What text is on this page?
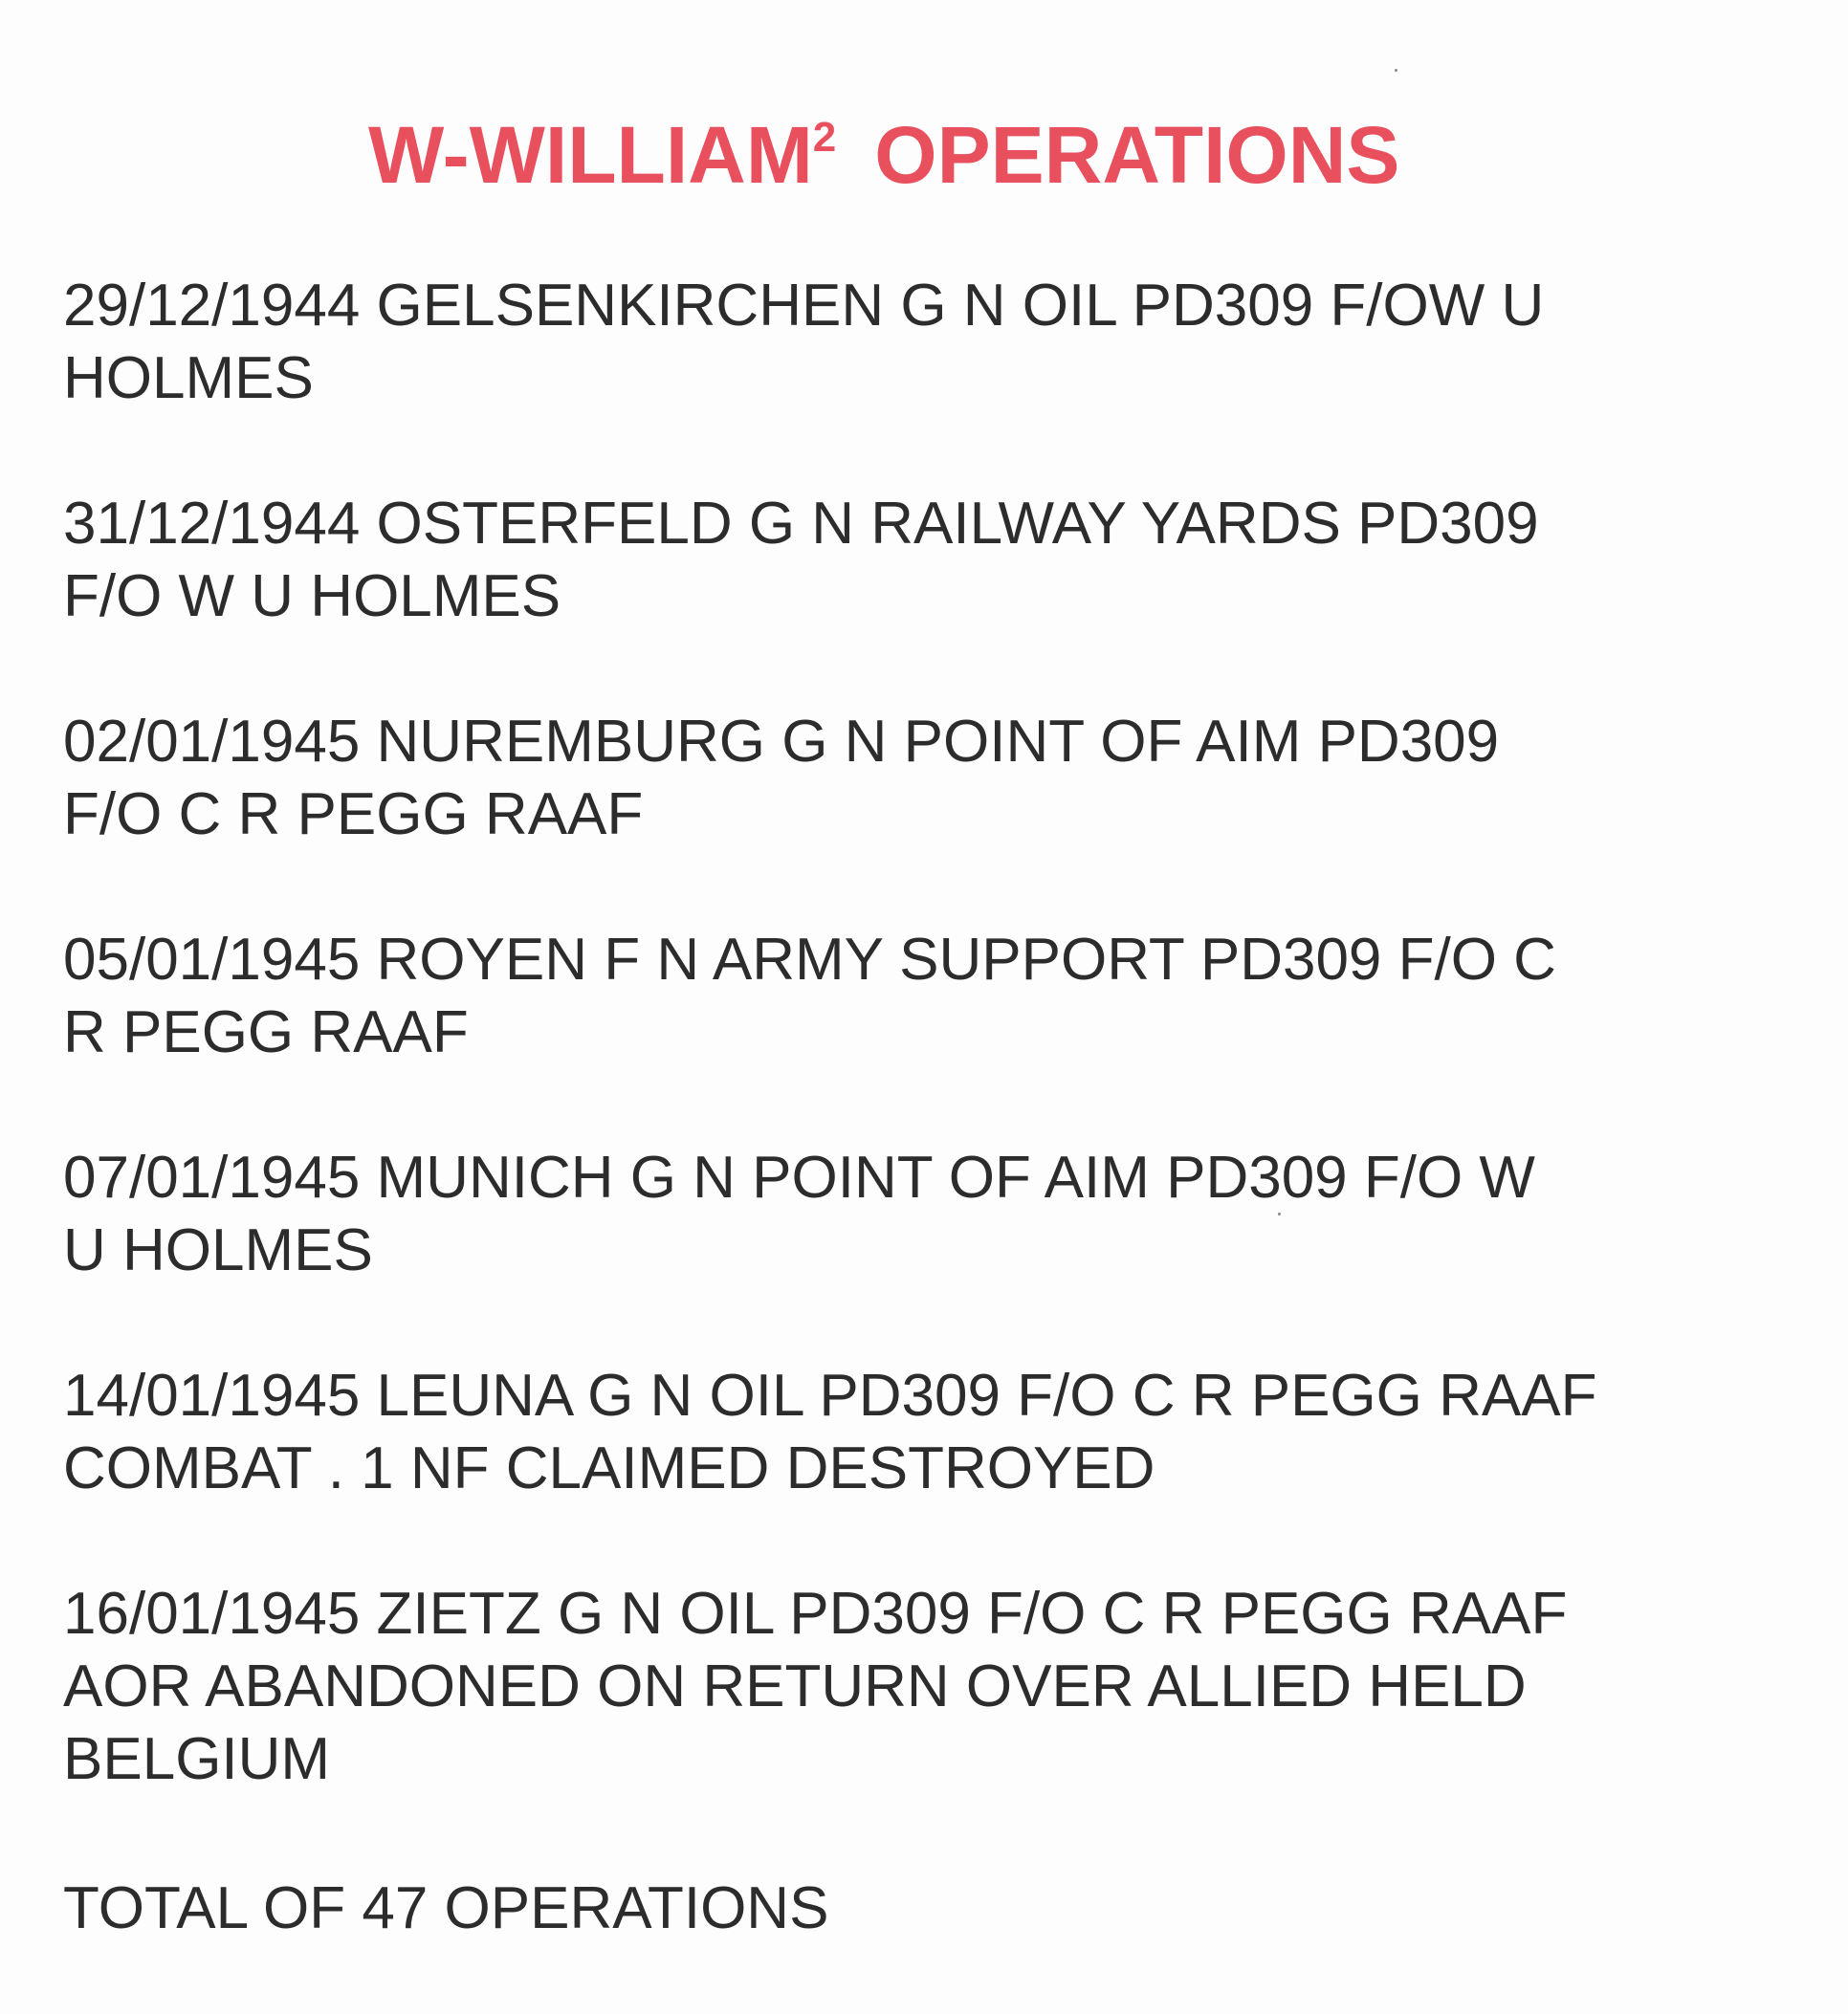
W-WILLIAM$^2$ OPERATIONS
29/12/1944 GELSENKIRCHEN G N OIL PD309 F/OW U
HOLMES
31/12/1944 OSTERFELD G N RAILWAY YARDS PD309
F/O W U HOLMES
02/01/1945 NUREMBURG G N POINT OF AIM PD309
F/O C R PEGG RAAF
05/01/1945 ROYEN F N ARMY SUPPORT PD309 F/O C
R PEGG RAAF
07/01/1945 MUNICH G N POINT OF AIM PD309 F/O W
U HOLMES
14/01/1945 LEUNA G N OIL PD309 F/O C R PEGG RAAF
COMBAT . 1 NF CLAIMED DESTROYED
16/01/1945 ZIETZ G N OIL PD309 F/O C R PEGG RAAF
AOR ABANDONED ON RETURN OVER ALLIED HELD
BELGIUM

TOTAL OF 47 OPERATIONS
